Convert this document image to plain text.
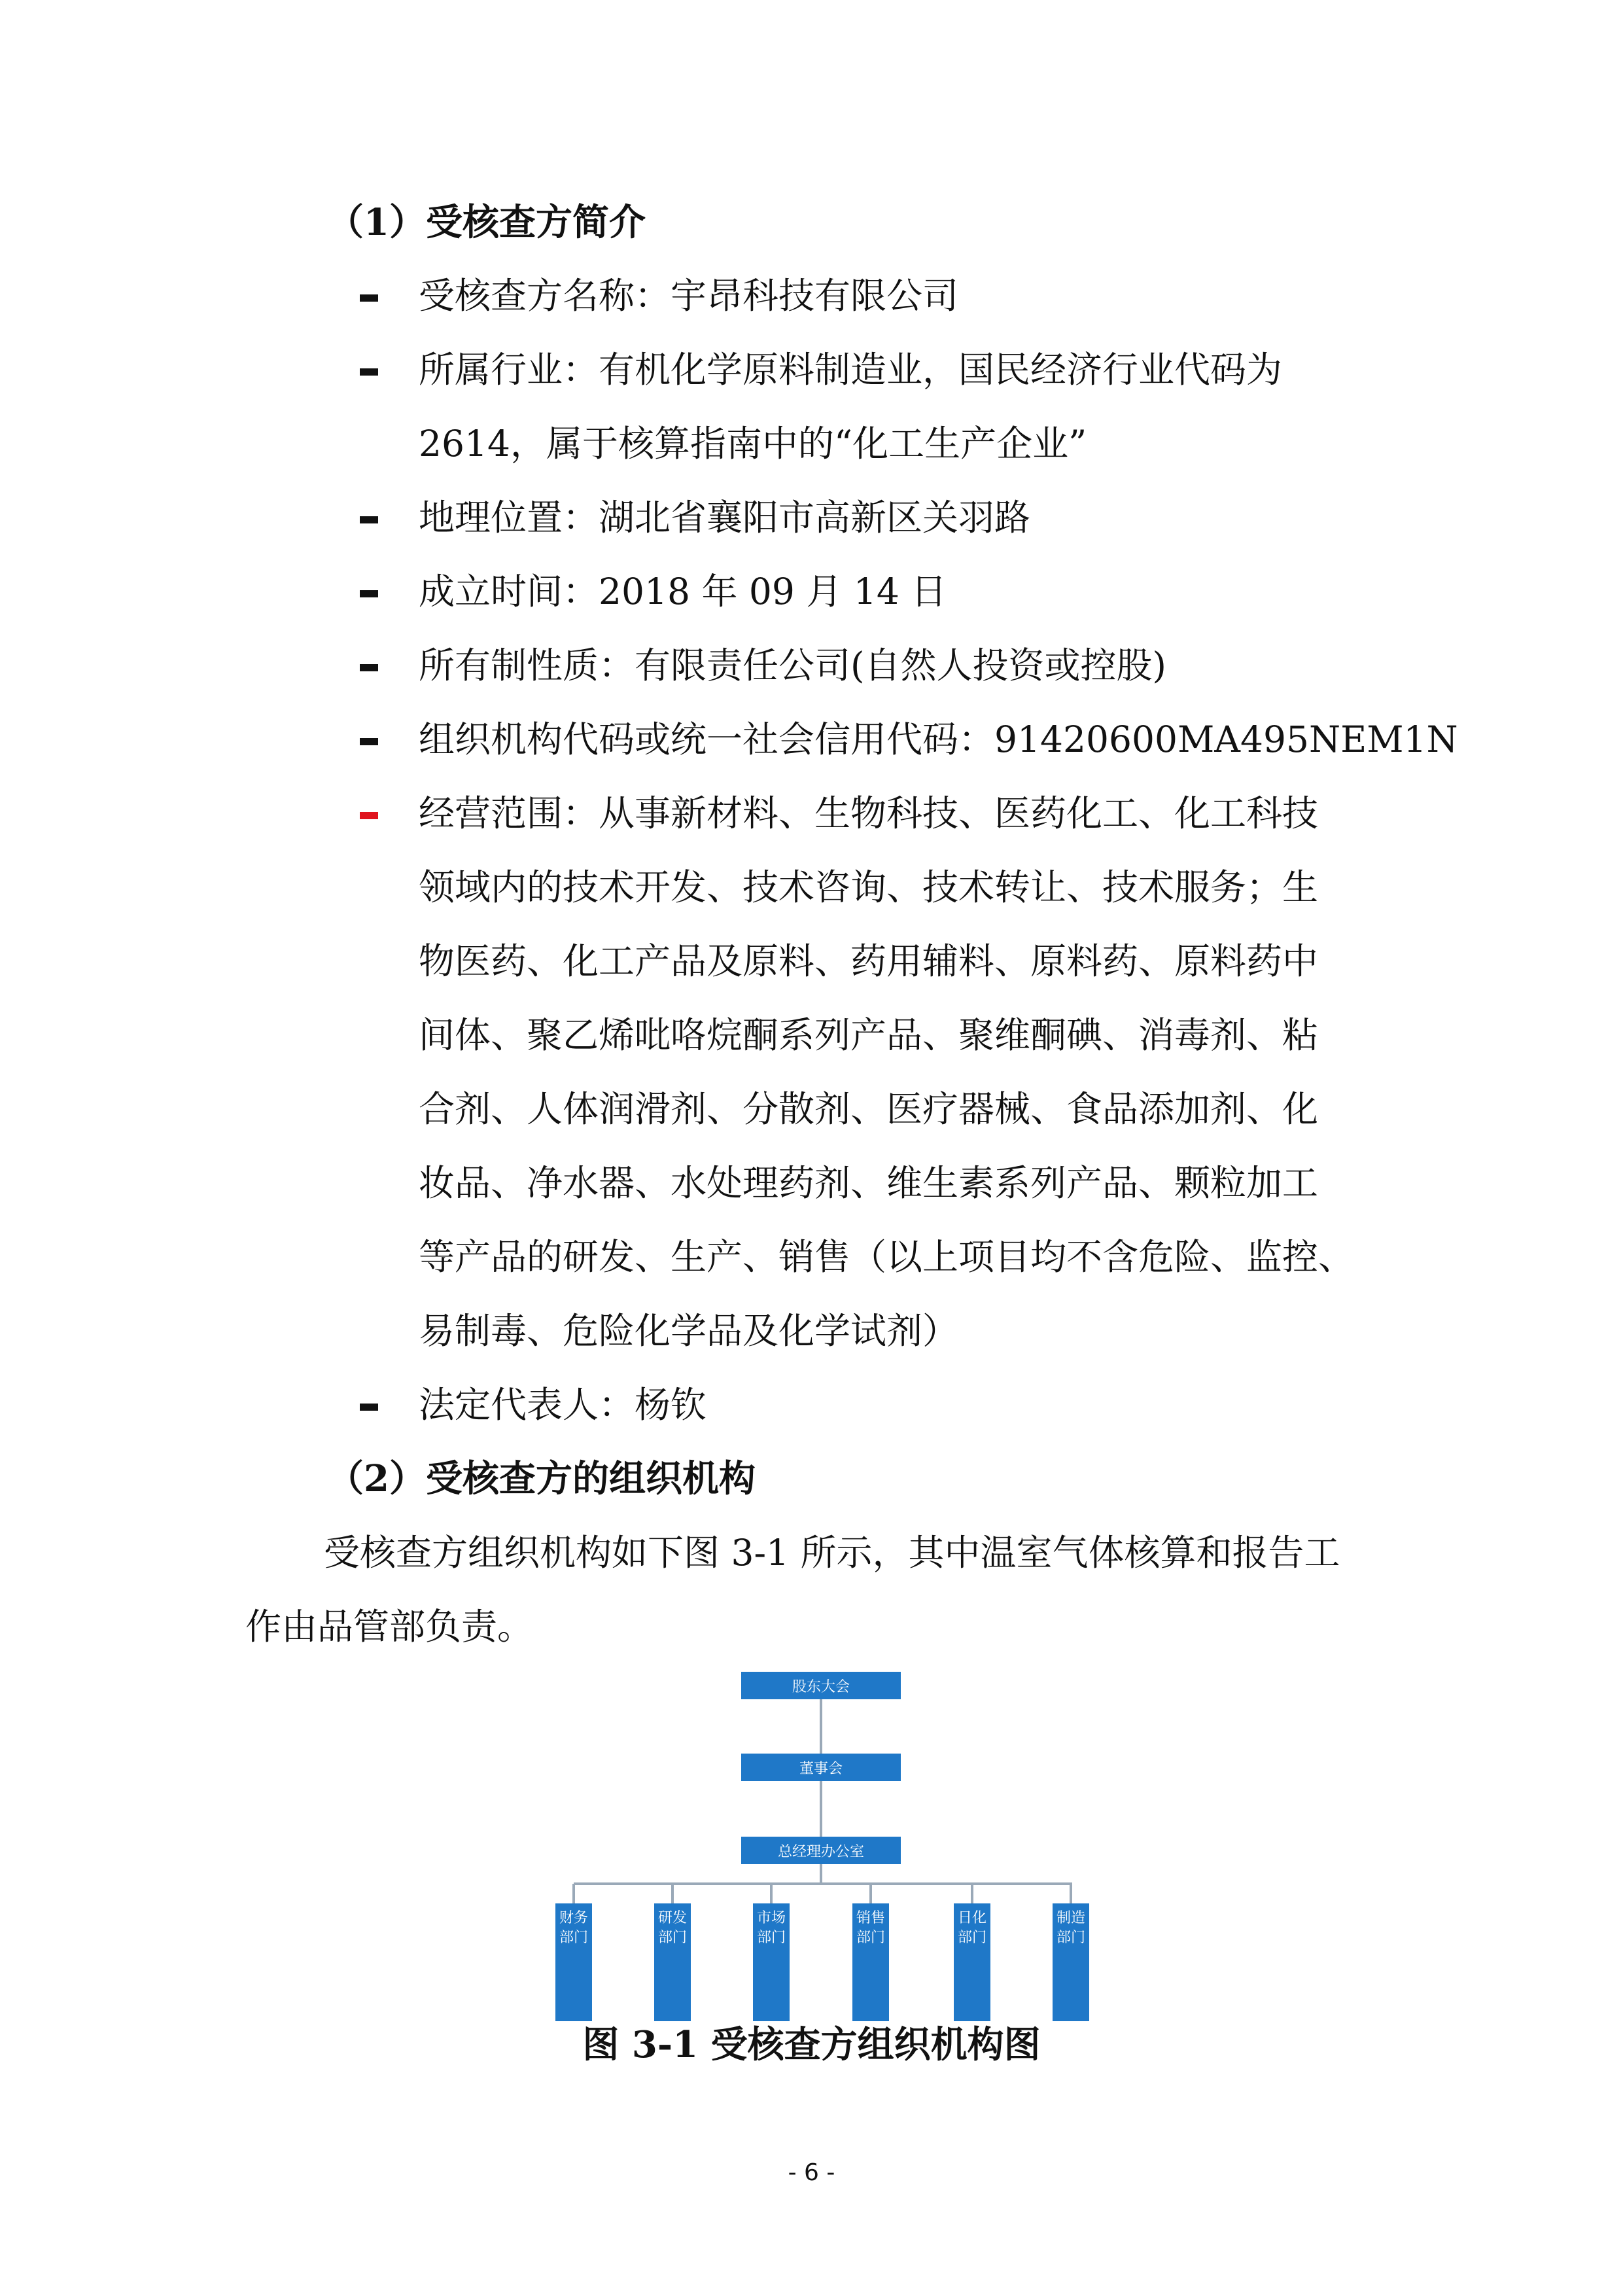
（1）受核查方简介
受核查方名称：宇昂科技有限公司
所属行业：有机化学原料制造业，国民经济行业代码为
2614，属于核算指南中的“化工生产企业”
地理位置：湖北省襄阳市高新区关羽路
成立时间：2018 年 09 月 14 日
所有制性质：有限责任公司(自然人投资或控股)
组织机构代码或统一社会信用代码：91420600MA495NEM1N
经营范围：从事新材料、生物科技、医药化工、化工科技
领域内的技术开发、技术咨询、技术转让、技术服务；生
物医药、化工产品及原料、药用辅料、原料药、原料药中
间体、聚乙烯吡咯烷酮系列产品、聚维酮碘、消毒剂、粘
合剂、人体润滑剂、分散剂、医疗器械、食品添加剂、化
妆品、净水器、水处理药剂、维生素系列产品、颗粒加工
等产品的研发、生产、销售（以上项目均不含危险、监控、
易制毒、危险化学品及化学试剂）
法定代表人：杨钦
（2）受核查方的组织机构
受核查方组织机构如下图 3-1 所示，其中温室气体核算和报告工
作由品管部负责。
股东大会
董事会
总经理办公室
财务部门
研发部门
市场部门
销售部门
日化部门
制造部门
图 3-1 受核查方组织机构图
- 6 -
